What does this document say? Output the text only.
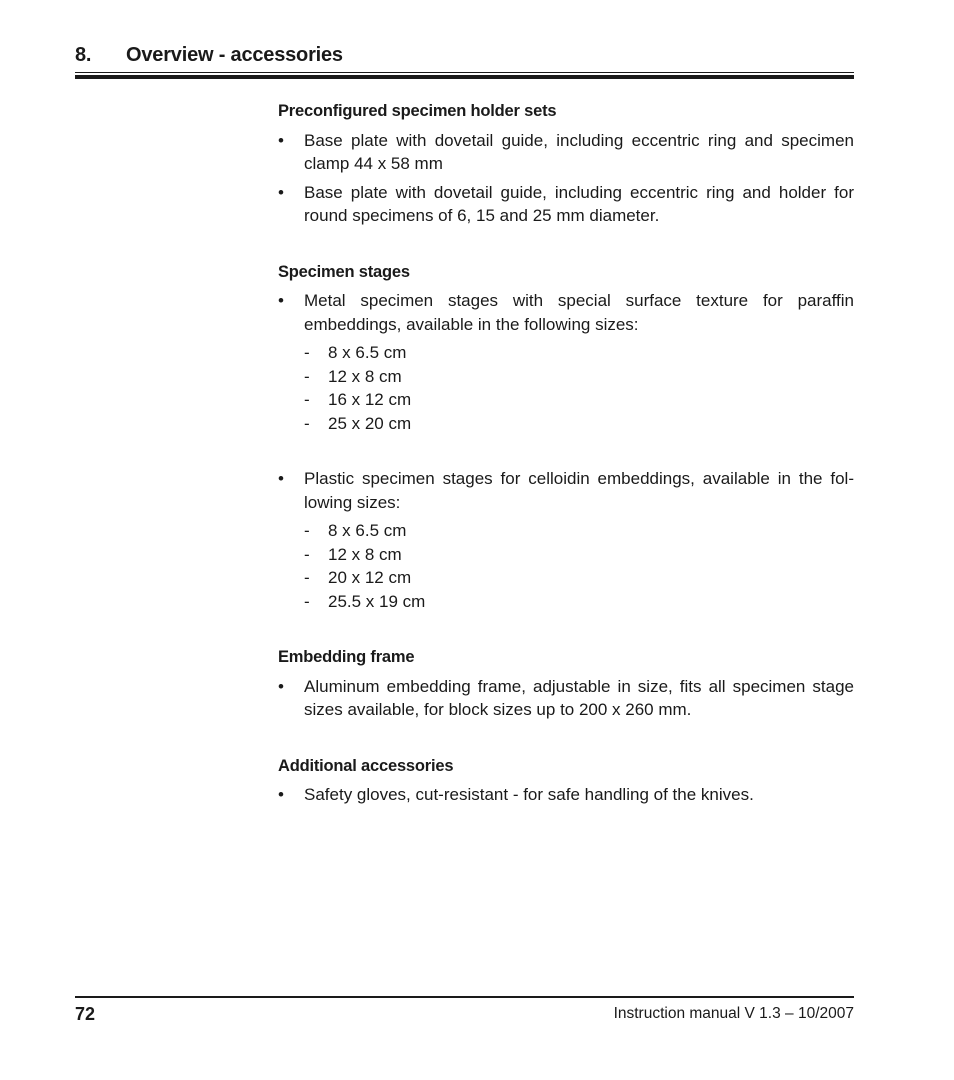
8. Overview - accessories
Preconfigured specimen holder sets
• Base plate with dovetail guide, including eccentric ring and specimen clamp 44 x 58 mm
• Base plate with dovetail guide, including eccentric ring and holder for round specimens of 6, 15 and 25 mm diameter.
Specimen stages
• Metal specimen stages with special surface texture for paraffin embeddings, available in the following sizes:
- 8 x 6.5 cm
- 12 x 8 cm
- 16 x 12 cm
- 25 x 20 cm
• Plastic specimen stages for celloidin embeddings, available in the fol-lowing sizes:
- 8 x 6.5 cm
- 12 x 8 cm
- 20 x 12 cm
- 25.5 x 19 cm
Embedding frame
• Aluminum embedding frame, adjustable in size, fits all specimen stage sizes available, for block sizes up to 200 x 260 mm.
Additional accessories
• Safety gloves, cut-resistant - for safe handling of the knives.
72	Instruction manual V 1.3 – 10/2007
